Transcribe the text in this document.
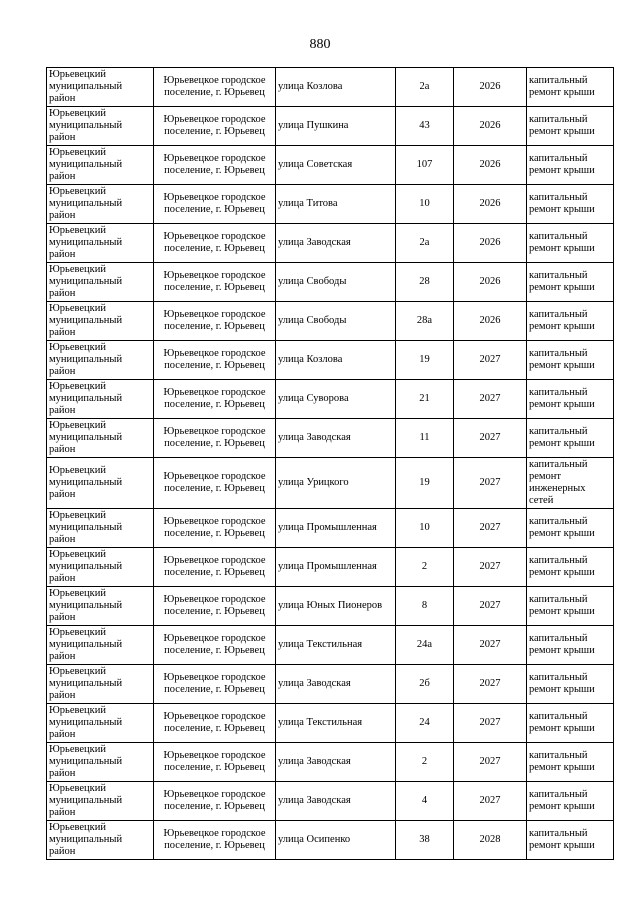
880
Юрьевецкий муниципальный район	Юрьевецкое городское поселение, г. Юрьевец	улица Козлова	2а	2026	капитальный ремонт крыши
Юрьевецкий муниципальный район	Юрьевецкое городское поселение, г. Юрьевец	улица Пушкина	43	2026	капитальный ремонт крыши
Юрьевецкий муниципальный район	Юрьевецкое городское поселение, г. Юрьевец	улица Советская	107	2026	капитальный ремонт крыши
Юрьевецкий муниципальный район	Юрьевецкое городское поселение, г. Юрьевец	улица Титова	10	2026	капитальный ремонт крыши
Юрьевецкий муниципальный район	Юрьевецкое городское поселение, г. Юрьевец	улица Заводская	2а	2026	капитальный ремонт крыши
Юрьевецкий муниципальный район	Юрьевецкое городское поселение, г. Юрьевец	улица Свободы	28	2026	капитальный ремонт крыши
Юрьевецкий муниципальный район	Юрьевецкое городское поселение, г. Юрьевец	улица Свободы	28а	2026	капитальный ремонт крыши
Юрьевецкий муниципальный район	Юрьевецкое городское поселение, г. Юрьевец	улица Козлова	19	2027	капитальный ремонт крыши
Юрьевецкий муниципальный район	Юрьевецкое городское поселение, г. Юрьевец	улица Суворова	21	2027	капитальный ремонт крыши
Юрьевецкий муниципальный район	Юрьевецкое городское поселение, г. Юрьевец	улица Заводская	11	2027	капитальный ремонт крыши
Юрьевецкий муниципальный район	Юрьевецкое городское поселение, г. Юрьевец	улица Урицкого	19	2027	капитальный ремонт инженерных сетей
Юрьевецкий муниципальный район	Юрьевецкое городское поселение, г. Юрьевец	улица Промышленная	10	2027	капитальный ремонт крыши
Юрьевецкий муниципальный район	Юрьевецкое городское поселение, г. Юрьевец	улица Промышленная	2	2027	капитальный ремонт крыши
Юрьевецкий муниципальный район	Юрьевецкое городское поселение, г. Юрьевец	улица Юных Пионеров	8	2027	капитальный ремонт крыши
Юрьевецкий муниципальный район	Юрьевецкое городское поселение, г. Юрьевец	улица Текстильная	24а	2027	капитальный ремонт крыши
Юрьевецкий муниципальный район	Юрьевецкое городское поселение, г. Юрьевец	улица Заводская	2б	2027	капитальный ремонт крыши
Юрьевецкий муниципальный район	Юрьевецкое городское поселение, г. Юрьевец	улица Текстильная	24	2027	капитальный ремонт крыши
Юрьевецкий муниципальный район	Юрьевецкое городское поселение, г. Юрьевец	улица Заводская	2	2027	капитальный ремонт крыши
Юрьевецкий муниципальный район	Юрьевецкое городское поселение, г. Юрьевец	улица Заводская	4	2027	капитальный ремонт крыши
Юрьевецкий муниципальный район	Юрьевецкое городское поселение, г. Юрьевец	улица Осипенко	38	2028	капитальный ремонт крыши
